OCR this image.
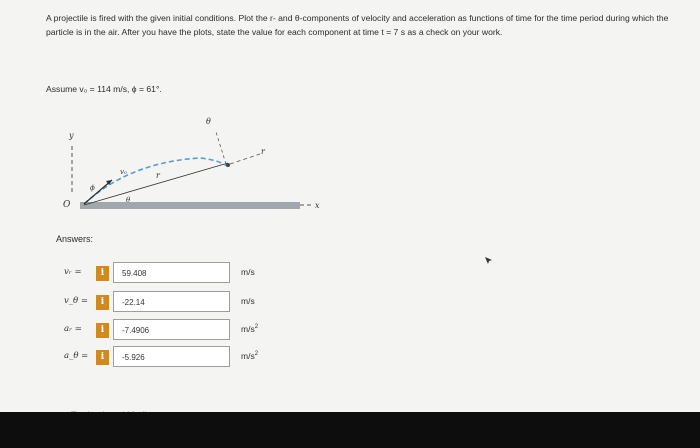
A projectile is fired with the given initial conditions. Plot the r- and θ-components of velocity and acceleration as functions of time for the time period during which the particle is in the air. After you have the plots, state the value for each component at time t = 7 s as a check on your work.
Assume v₀ = 114 m/s, ϕ = 61°.
x
y
O
r
v₀
ϕ
θ
θ
r
Answers:
vᵣ =	i	59.408	m/s
v_θ =	i	-22.14	m/s
aᵣ =	i	-7.4906	$m/s^2$
a_θ =	i	-5.926	$m/s^2$
